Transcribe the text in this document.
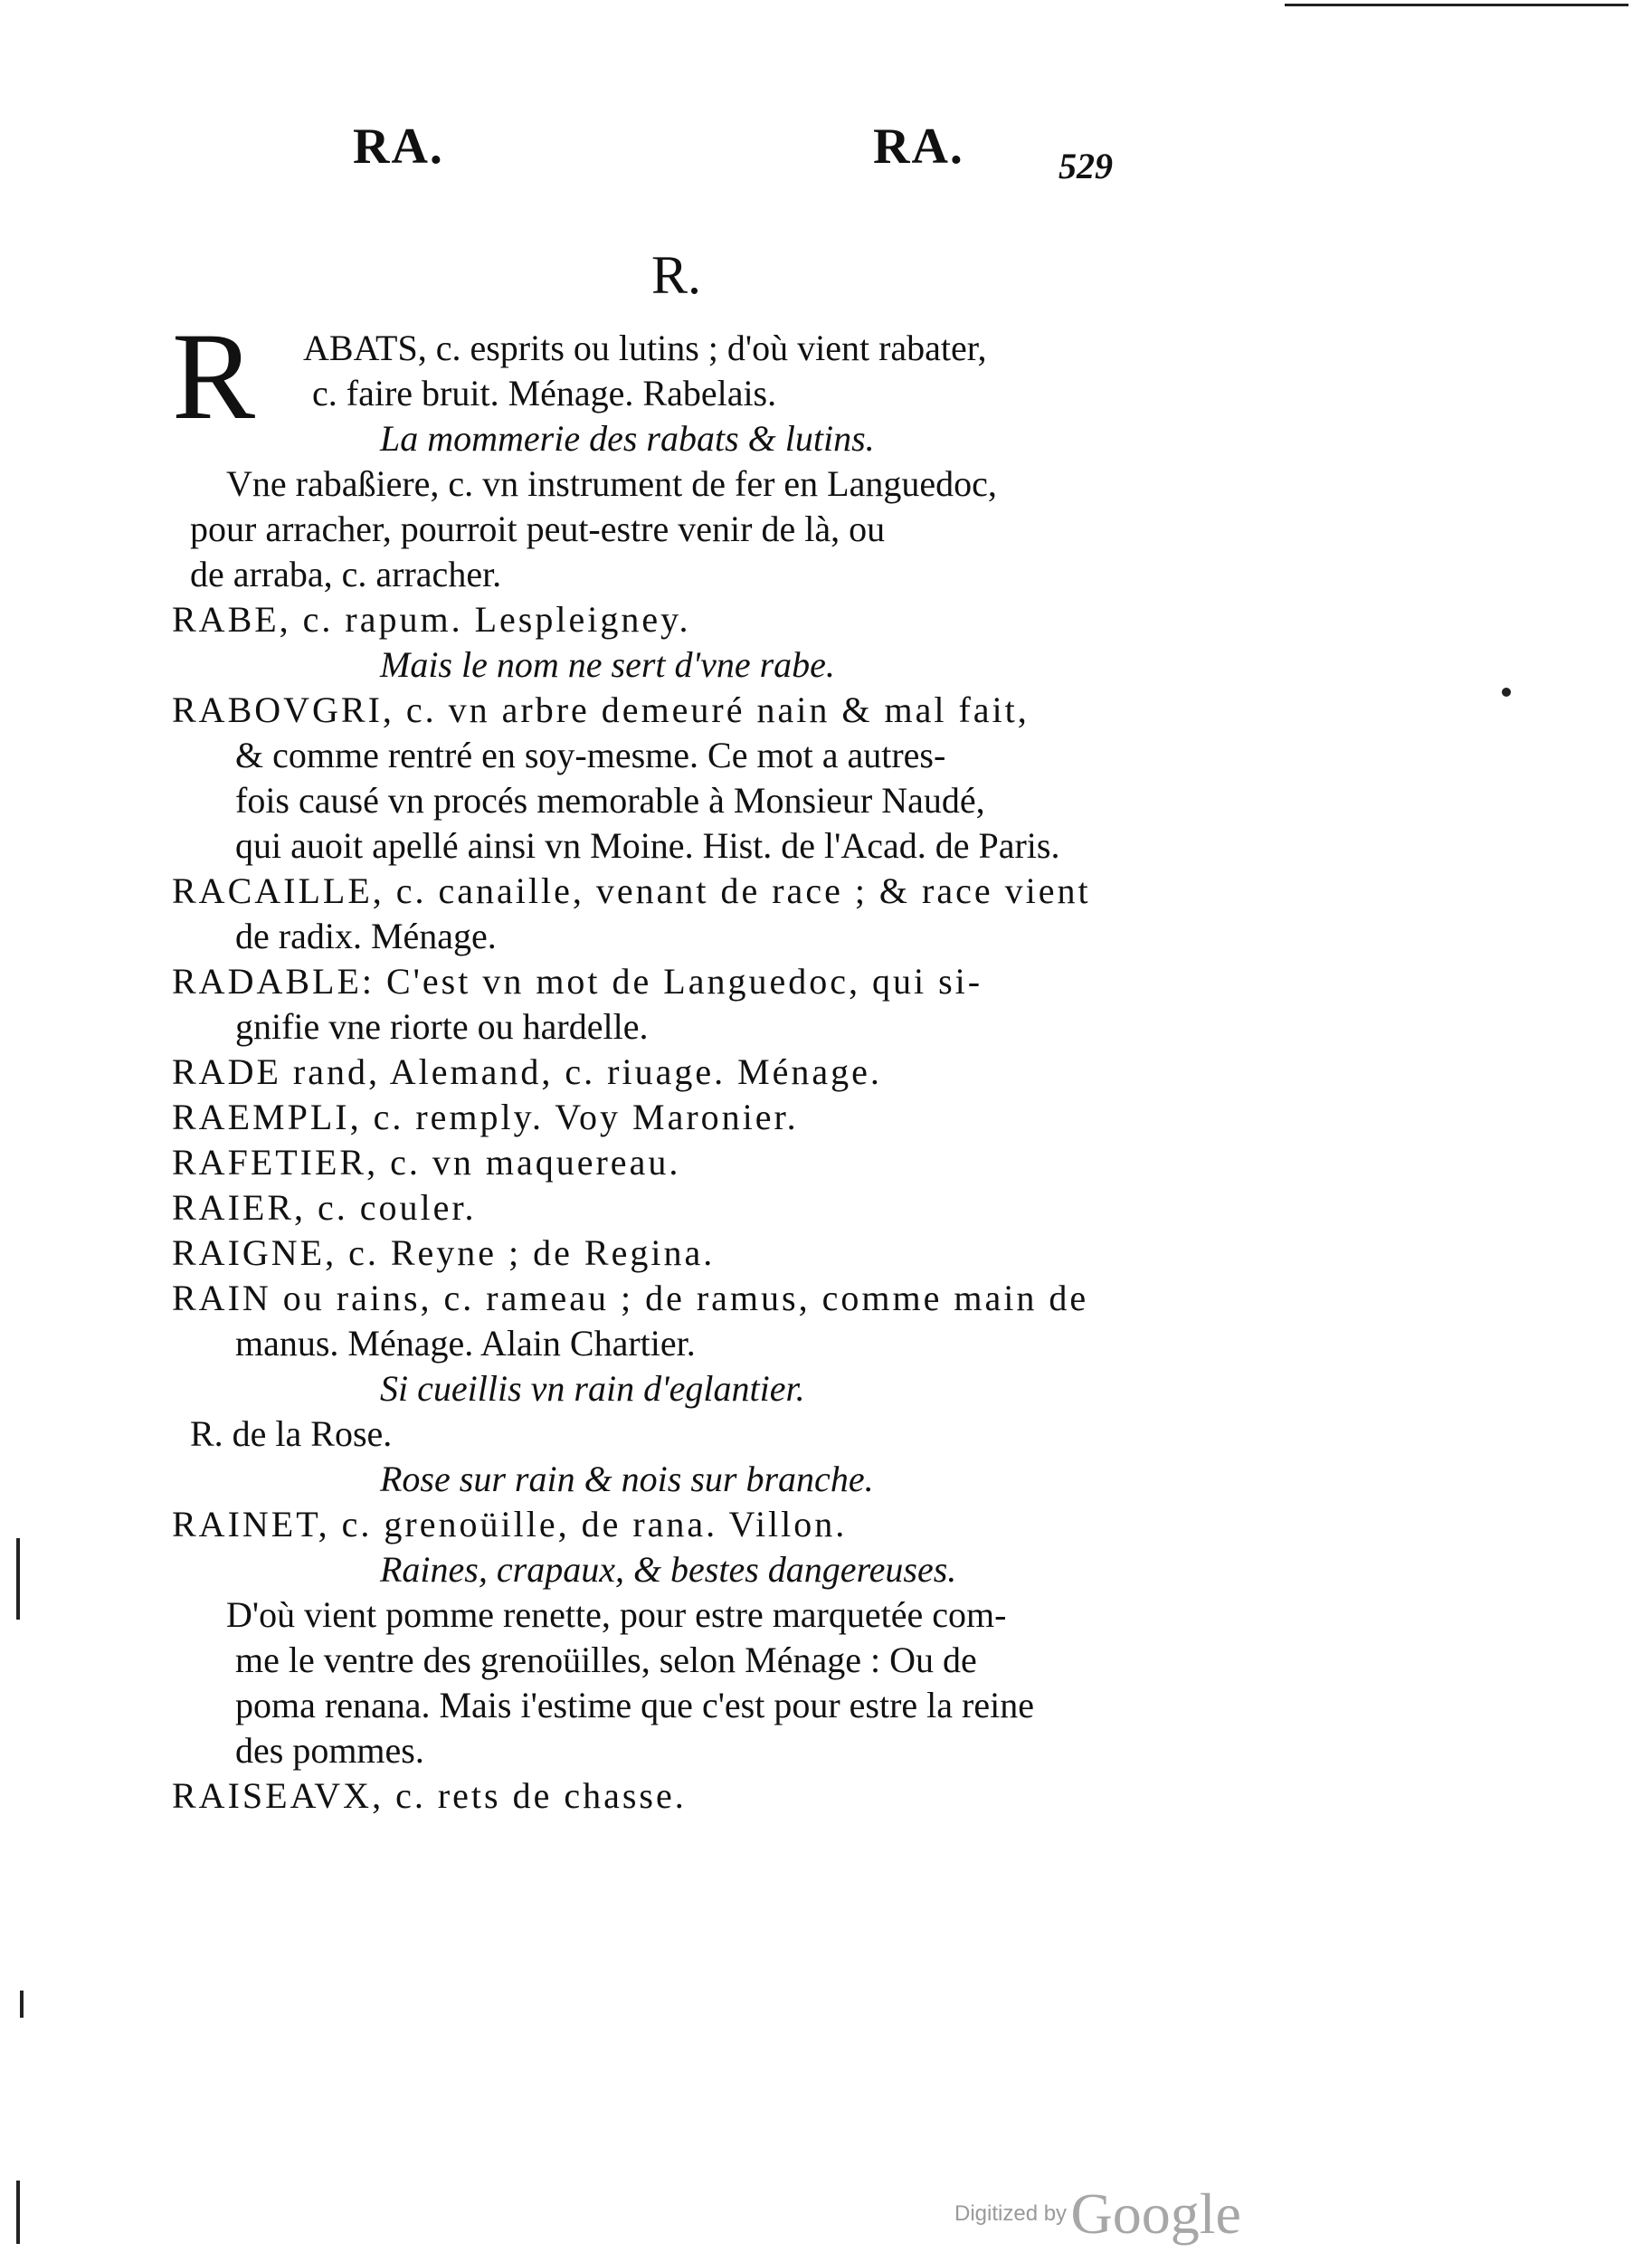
RA.	RA.	529
R.
R	ABATS, c. esprits ou lutins ; d'où vient rabater,
c. faire bruit. Ménage. Rabelais.
La mommerie des rabats & lutins.
Vne rabaßiere, c. vn instrument de fer en Languedoc,
pour arracher, pourroit peut-estre venir de là, ou
de arraba, c. arracher.
RABE, c. rapum. Lespleigney.
Mais le nom ne sert d'vne rabe.
RABOVGRI, c. vn arbre demeuré nain & mal fait,
& comme rentré en soy-mesme. Ce mot a autres-
fois causé vn procés memorable à Monsieur Naudé,
qui auoit apellé ainsi vn Moine. Hist. de l'Acad. de Paris.
RACAILLE, c. canaille, venant de race ; & race vient
de radix. Ménage.
RADABLE: C'est vn mot de Languedoc, qui si-
gnifie vne riorte ou hardelle.
RADE rand, Alemand, c. riuage. Ménage.
RAEMPLI, c. remply. Voy Maronier.
RAFETIER, c. vn maquereau.
RAIER, c. couler.
RAIGNE, c. Reyne ; de Regina.
RAIN ou rains, c. rameau ; de ramus, comme main de
manus. Ménage. Alain Chartier.
Si cueillis vn rain d'eglantier.
R. de la Rose.
Rose sur rain & nois sur branche.
RAINET, c. grenoüille, de rana. Villon.
Raines, crapaux, & bestes dangereuses.
D'où vient pomme renette, pour estre marquetée com-
me le ventre des grenoüilles, selon Ménage : Ou de
poma renana. Mais i'estime que c'est pour estre la reine
des pommes.
RAISEAVX, c. rets de chasse.
Digitized by Google
